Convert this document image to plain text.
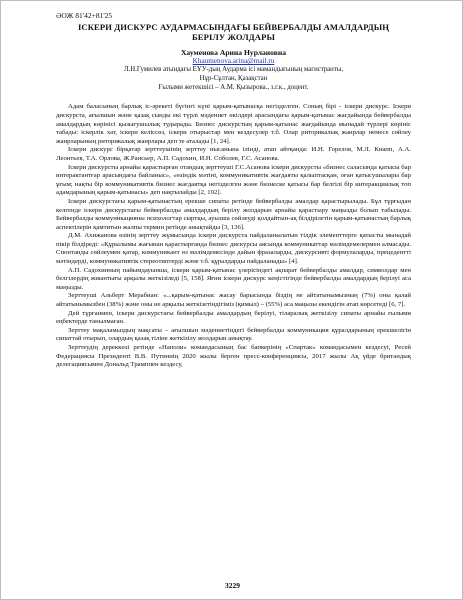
ӘОЖ 81'42+81'25

ІСКЕРИ ДИСКУРС АУДАРМАСЫНДАҒЫ БЕЙВЕРБАЛДЫ АМАЛДАРДЫҢ
БЕРІЛУ ЖОЛДАРЫ

Хауменова Арина Нурлановна

Khaumenova.arina@mail.ru

Л.Н.Гумилев атындағы ЕҰУ-дың Аударма ісі мамандығының магистранты,

Нұр-Сұлтан, Қазақстан

Ғылыми жетекшісі – А.М. Қызырова., з.г.к., доцент.

Адам баласының барлық іс-әрекеті бүгінгі күні қарым-қатынасқа негізделген. Соның бірі - іскери дискурс. Іскери дискурста, ағылшын және қазақ сынды екі түрлі мәдениет өкілдері арасындағы қарым-қатынас жағдайында бейвербалды амалдардың көрінісі қызығушылық тудырады. Бизнес дискурстың қарым-қатынас жағдайында мынадай түрлері көрініс табады: іскерлік хат, іскери келіссөз, іскери отырыстар мен кездесулер т.б. Олар риторикалық жанрлар немесе сөйлеу жанрларының риторикалық жанрлары деп те аталады [1, 24].

Іскери дискурс бірқатар зерттеушінің зерттеу нысанына ілінді, атап айтқанда: И.Н. Горелов, М.Л. Кнапп, А.А. Леонтьев, Т.А. Орлова, Ж.Рансьер, А.П. Садохин, И.Н. Соболев, Г.С. Асанова.

Іскери дискурсты арнайы қарастырған отандық зерттеуші Г.С.Асанова іскери дискурсты «бизнес саласында қатысы бар интерактантғар арасындағы байланыс», «өзіндік мәтіні, коммуникативтік жағдаяты қалыптасқан, оған қатысушылары бар ұғым; нақты бір коммуникативтік бизнес жағдаятқа негізделген және бизнеске қатысы бар белгілі бір интеракциялық топ адамдарының қарым-қатынасы» деп нақтылайды [2, 192].

Іскери дискурстағы қарым-қатынастың ерекше сипаты ретінде бейвербалды амалдар қарастырылады. Бұл тұрғыдан келгенде іскери дискурстағы бейвербалды амалдардың берілу жолдарын арнайы қарастыру маңызды болып табылады. Бейвербалды коммуникацияны психологтар сыртқы, ауызша сөйлеуді қолдайтын-ақ білдірілетін қарым-қатынастың барлық аспектілерін қамтитын жалпы термин ретінде анықтайды [3, 136].

Д.М. Ахижанова өзінің зерттеу жұмысында іскери дискурста пайдаланылатын тілдік элементтерге қатысты мынадай пікір білдіреді: «Құрылымы жағынан қарастырғанда бизнес дискурсы аясында коммуникаттар мәлімдемелермен алмасады. Спонтанды сөйлеумен қатар, коммуникант өз мәлімдемесінде дайын фразаларды, дискурсивті формулаларды, прецедентті мәтіндерді, коммуникативтік стереотиптерді және т.б. құралдарды пайдаланады» [4].

А.П. Садохинның пайымдауынша, іскери қарым-қатынас үлерісіндегі ақпарат бейвербалды амалдар, символдар мен белгілердің жиынтығы арқылы жеткізіледі [5, 158]. Яғни іскери дискурс кеңістігінде бейвербалды амалдардың берілуі аса маңызды.

Зерттеуші Альберт Мерабиан: «...қарым-қатынас жасау барысында біздің не айтатынымызның (7%) оны қалай айтатынымызбен (38%) және оны не арқылы жеткізетіндігіміз (қимыл) – (55%) аса маңызы екендігін атап көрсетеді [6, 7].

Дей тұрғанмен, іскери дискурстағы бейвербалды амалдардың берілуі, тіларалық жеткізілу сипаты арнайы ғылыми еңбектерде танылмаған.

Зерттеу мақаламыздың мақсаты – ағылшын мәдениетіндегі бейвербалды коммуникация құралдарының ерекшелігін сипаттай отырып, олардың қазақ тіліне жеткізілу жолдарын анықтау.

Зерттеудің дереккөзі ретінде «Наполи» командасының бас бапкерінің «Спартак» командасымен кездесуі, Ресей Федерациясы Президенті В.В. Путиннің 2020 жылы берген пресс-конференциясы, 2017 жылы Ақ үйде британдық делегациясымен Дональд Трамппен кездесу,

3229
